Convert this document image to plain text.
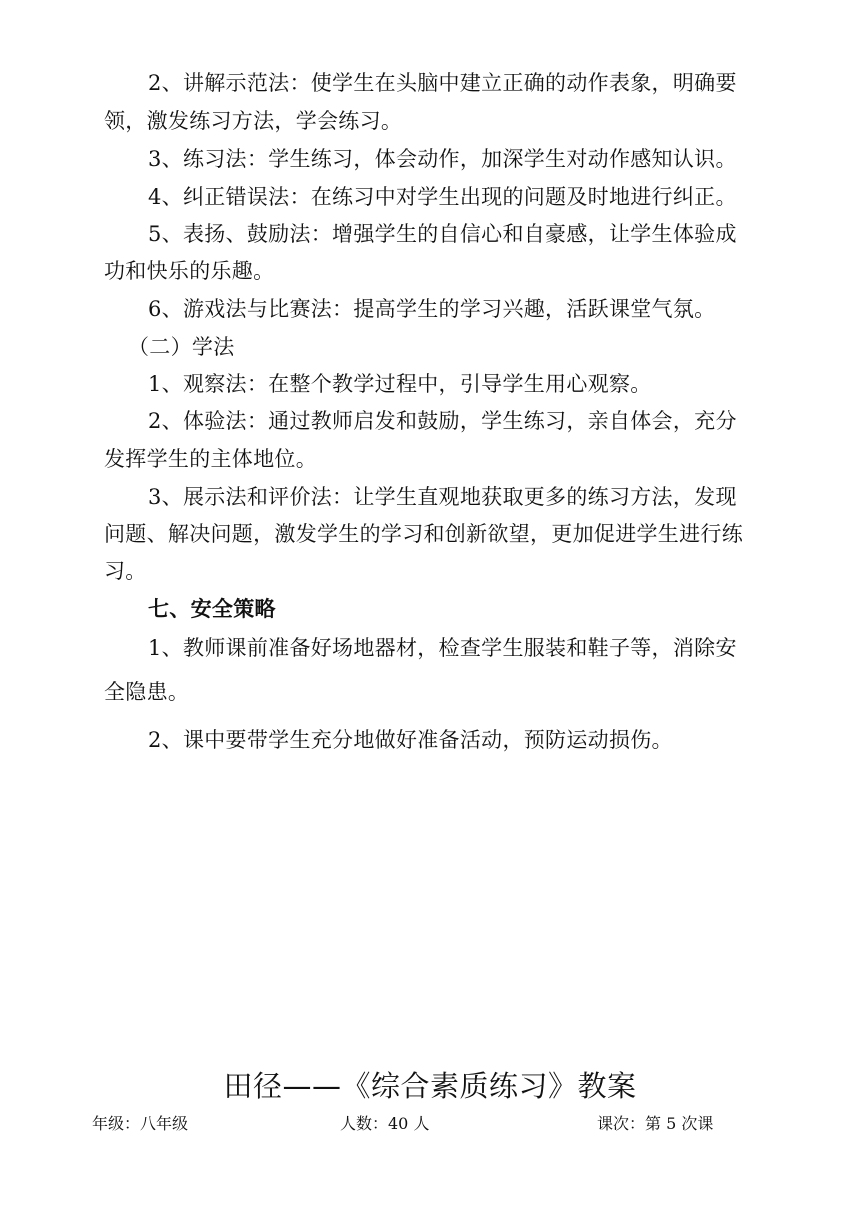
2、讲解示范法：使学生在头脑中建立正确的动作表象，明确要
领，激发练习方法，学会练习。
3、练习法：学生练习，体会动作，加深学生对动作感知认识。
4、纠正错误法：在练习中对学生出现的问题及时地进行纠正。
5、表扬、鼓励法：增强学生的自信心和自豪感，让学生体验成
功和快乐的乐趣。
6、游戏法与比赛法：提高学生的学习兴趣，活跃课堂气氛。
（二）学法
1、观察法：在整个教学过程中，引导学生用心观察。
2、体验法：通过教师启发和鼓励，学生练习，亲自体会，充分
发挥学生的主体地位。
3、展示法和评价法：让学生直观地获取更多的练习方法，发现
问题、解决问题，激发学生的学习和创新欲望，更加促进学生进行练
习。
七、安全策略
1、教师课前准备好场地器材，检查学生服装和鞋子等，消除安
全隐患。
2、课中要带学生充分地做好准备活动，预防运动损伤。
田径——《综合素质练习》教案
年级：八年级	人数：40 人	课次：第 5 次课
